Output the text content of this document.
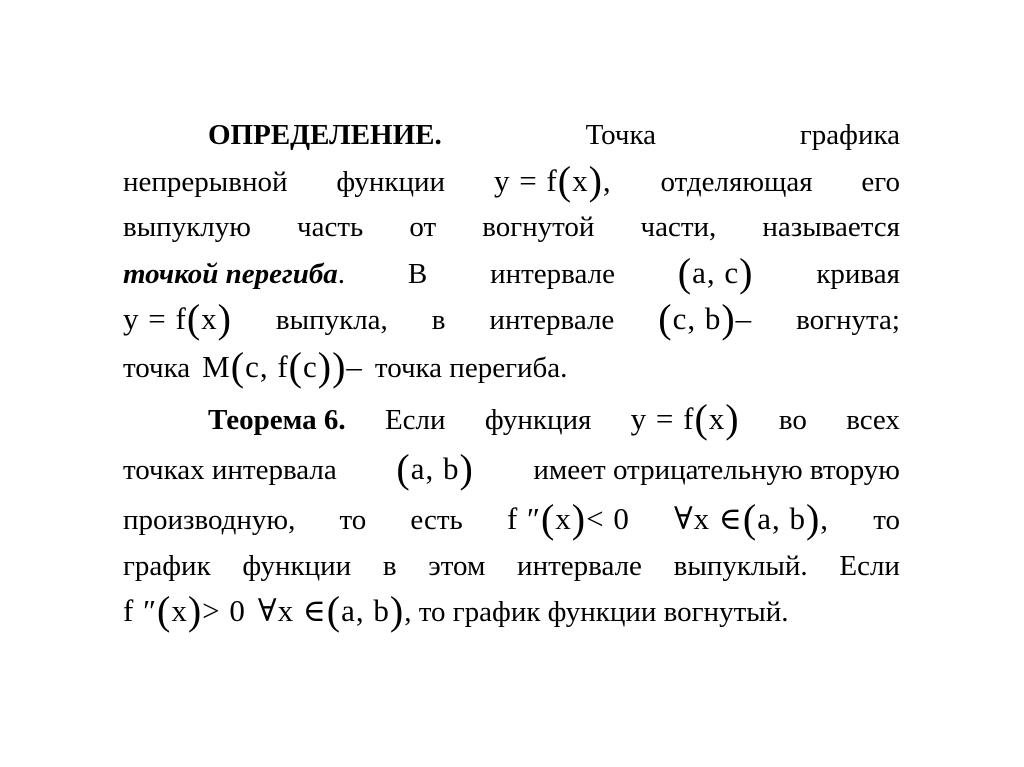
ОПРЕДЕЛЕНИЕ.	Точка	графика
непрерывной функции y = f(x), отделяющая его
выпуклую часть от вогнутой части, называется
точкой перегиба. В интервале (a, c) кривая
y = f(x) выпукла, в интервале (c, b)– вогнута;
точка M(c, f(c))– точка перегиба.
Теорема 6. Если функция y = f(x) во всех
точках интервала (a, b) имеет отрицательную вторую
производную, то есть f ″(x)< 0 ∀x ∈(a, b), то
график функции в этом интервале выпуклый. Если
f ″(x)> 0 ∀x ∈(a, b) , то график функции вогнутый.
